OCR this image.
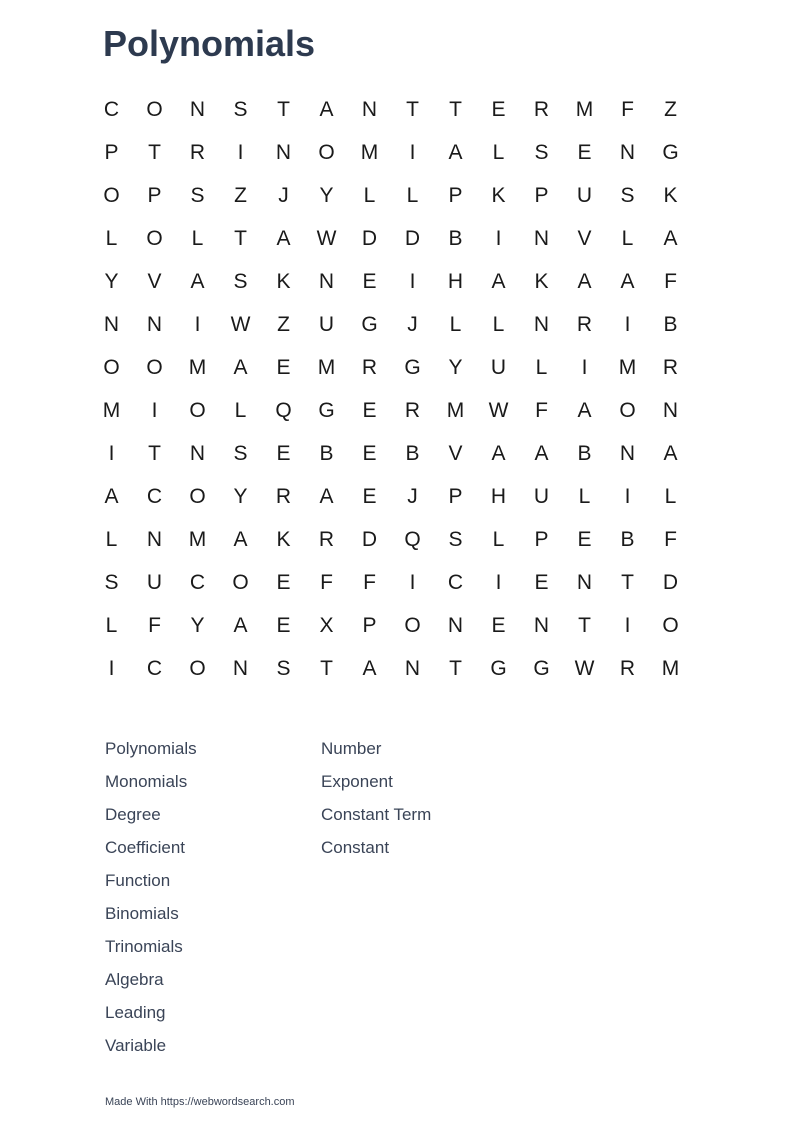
Polynomials
C	O	N	S	T	A	N	T	T	E	R	M	F	Z
P	T	R	I	N	O	M	I	A	L	S	E	N	G
O	P	S	Z	J	Y	L	L	P	K	P	U	S	K
L	O	L	T	A	W	D	D	B	I	N	V	L	A
Y	V	A	S	K	N	E	I	H	A	K	A	A	F
N	N	I	W	Z	U	G	J	L	L	N	R	I	B
O	O	M	A	E	M	R	G	Y	U	L	I	M	R
M	I	O	L	Q	G	E	R	M	W	F	A	O	N
I	T	N	S	E	B	E	B	V	A	A	B	N	A
A	C	O	Y	R	A	E	J	P	H	U	L	I	L
L	N	M	A	K	R	D	Q	S	L	P	E	B	F
S	U	C	O	E	F	F	I	C	I	E	N	T	D
L	F	Y	A	E	X	P	O	N	E	N	T	I	O
I	C	O	N	S	T	A	N	T	G	G	W	R	M
Polynomials
Monomials
Degree
Coefficient
Function
Binomials
Trinomials
Algebra
Leading
Variable
Number
Exponent
Constant Term
Constant
Made With https://webwordsearch.com
